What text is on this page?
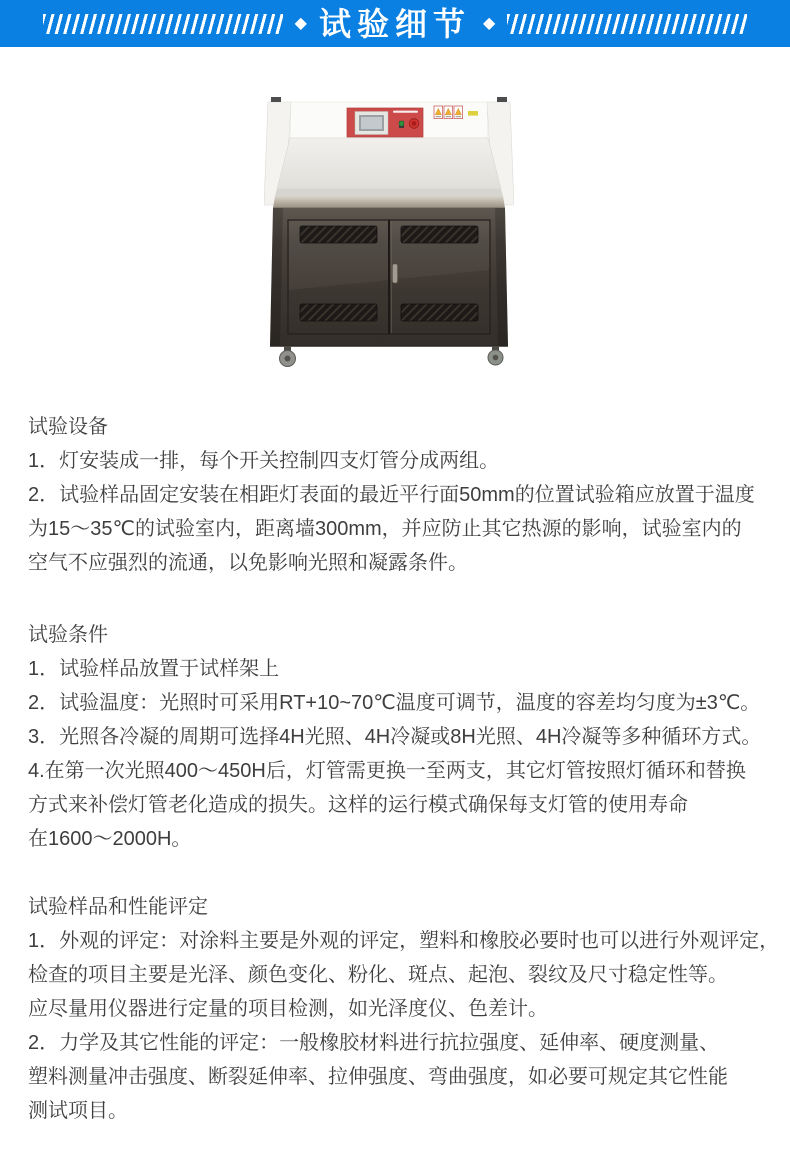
◆ 试验细节 ◆
试验设备
1．灯安装成一排，每个开关控制四支灯管分成两组。
2．试验样品固定安装在相距灯表面的最近平行面50mm的位置试验箱应放置于温度
为15～35℃的试验室内，距离墙300mm，并应防止其它热源的影响，试验室内的
空气不应强烈的流通，以免影响光照和凝露条件。
试验条件
1．试验样品放置于试样架上
2．试验温度：光照时可采用RT+10~70℃温度可调节，温度的容差均匀度为±3℃。
3．光照各冷凝的周期可选择4H光照、4H冷凝或8H光照、4H冷凝等多种循环方式。
4.在第一次光照400～450H后，灯管需更换一至两支，其它灯管按照灯循环和替换
方式来补偿灯管老化造成的损失。这样的运行模式确保每支灯管的使用寿命
在1600～2000H。
试验样品和性能评定
1．外观的评定：对涂料主要是外观的评定，塑料和橡胶必要时也可以进行外观评定，
检查的项目主要是光泽、颜色变化、粉化、斑点、起泡、裂纹及尺寸稳定性等。
应尽量用仪器进行定量的项目检测，如光泽度仪、色差计。
2．力学及其它性能的评定：一般橡胶材料进行抗拉强度、延伸率、硬度测量、
塑料测量冲击强度、断裂延伸率、拉伸强度、弯曲强度，如必要可规定其它性能
测试项目。
